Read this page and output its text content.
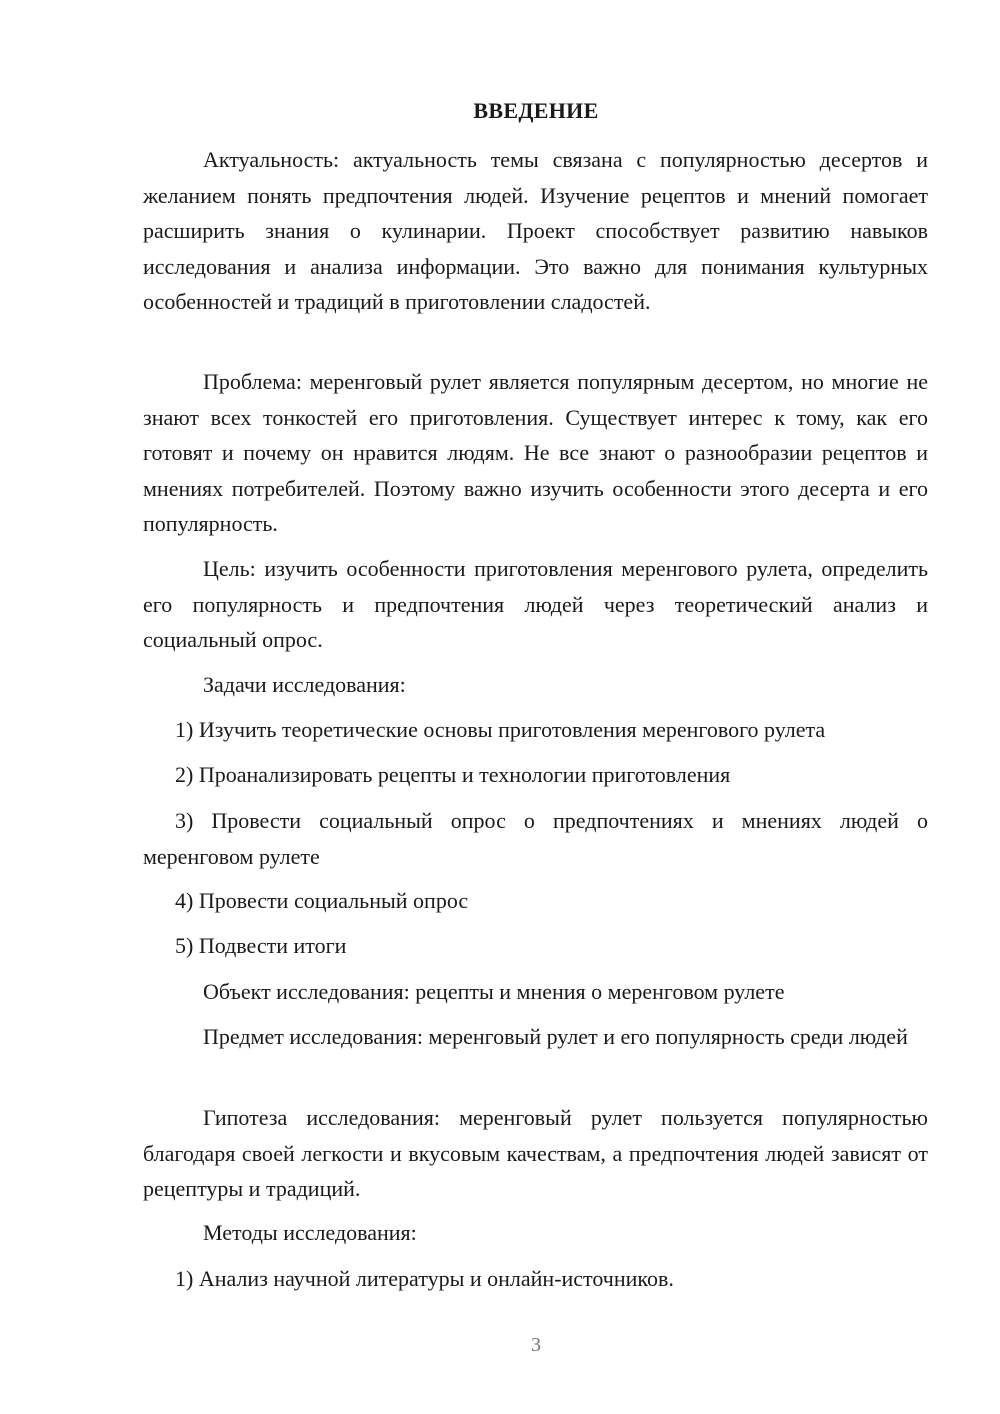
ВВЕДЕНИЕ

Актуальность: актуальность темы связана с популярностью десертов и желанием понять предпочтения людей. Изучение рецептов и мнений помогает расширить знания о кулинарии. Проект способствует развитию навыков исследования и анализа информации. Это важно для понимания культурных особенностей и традиций в приготовлении сладостей.

Проблема: меренговый рулет является популярным десертом, но многие не знают всех тонкостей его приготовления. Существует интерес к тому, как его готовят и почему он нравится людям. Не все знают о разнообразии рецептов и мнениях потребителей. Поэтому важно изучить особенности этого десерта и его популярность.

Цель: изучить особенности приготовления меренгового рулета, определить его популярность и предпочтения людей через теоретический анализ и социальный опрос.

Задачи исследования:

1) Изучить теоретические основы приготовления меренгового рулета

2) Проанализировать рецепты и технологии приготовления

3) Провести социальный опрос о предпочтениях и мнениях людей о меренговом рулете

4) Провести социальный опрос

5) Подвести итоги

Объект исследования: рецепты и мнения о меренговом рулете

Предмет исследования: меренговый рулет и его популярность среди людей

Гипотеза исследования: меренговый рулет пользуется популярностью благодаря своей легкости и вкусовым качествам, а предпочтения людей зависят от рецептуры и традиций.

Методы исследования:

1) Анализ научной литературы и онлайн-источников.

3
